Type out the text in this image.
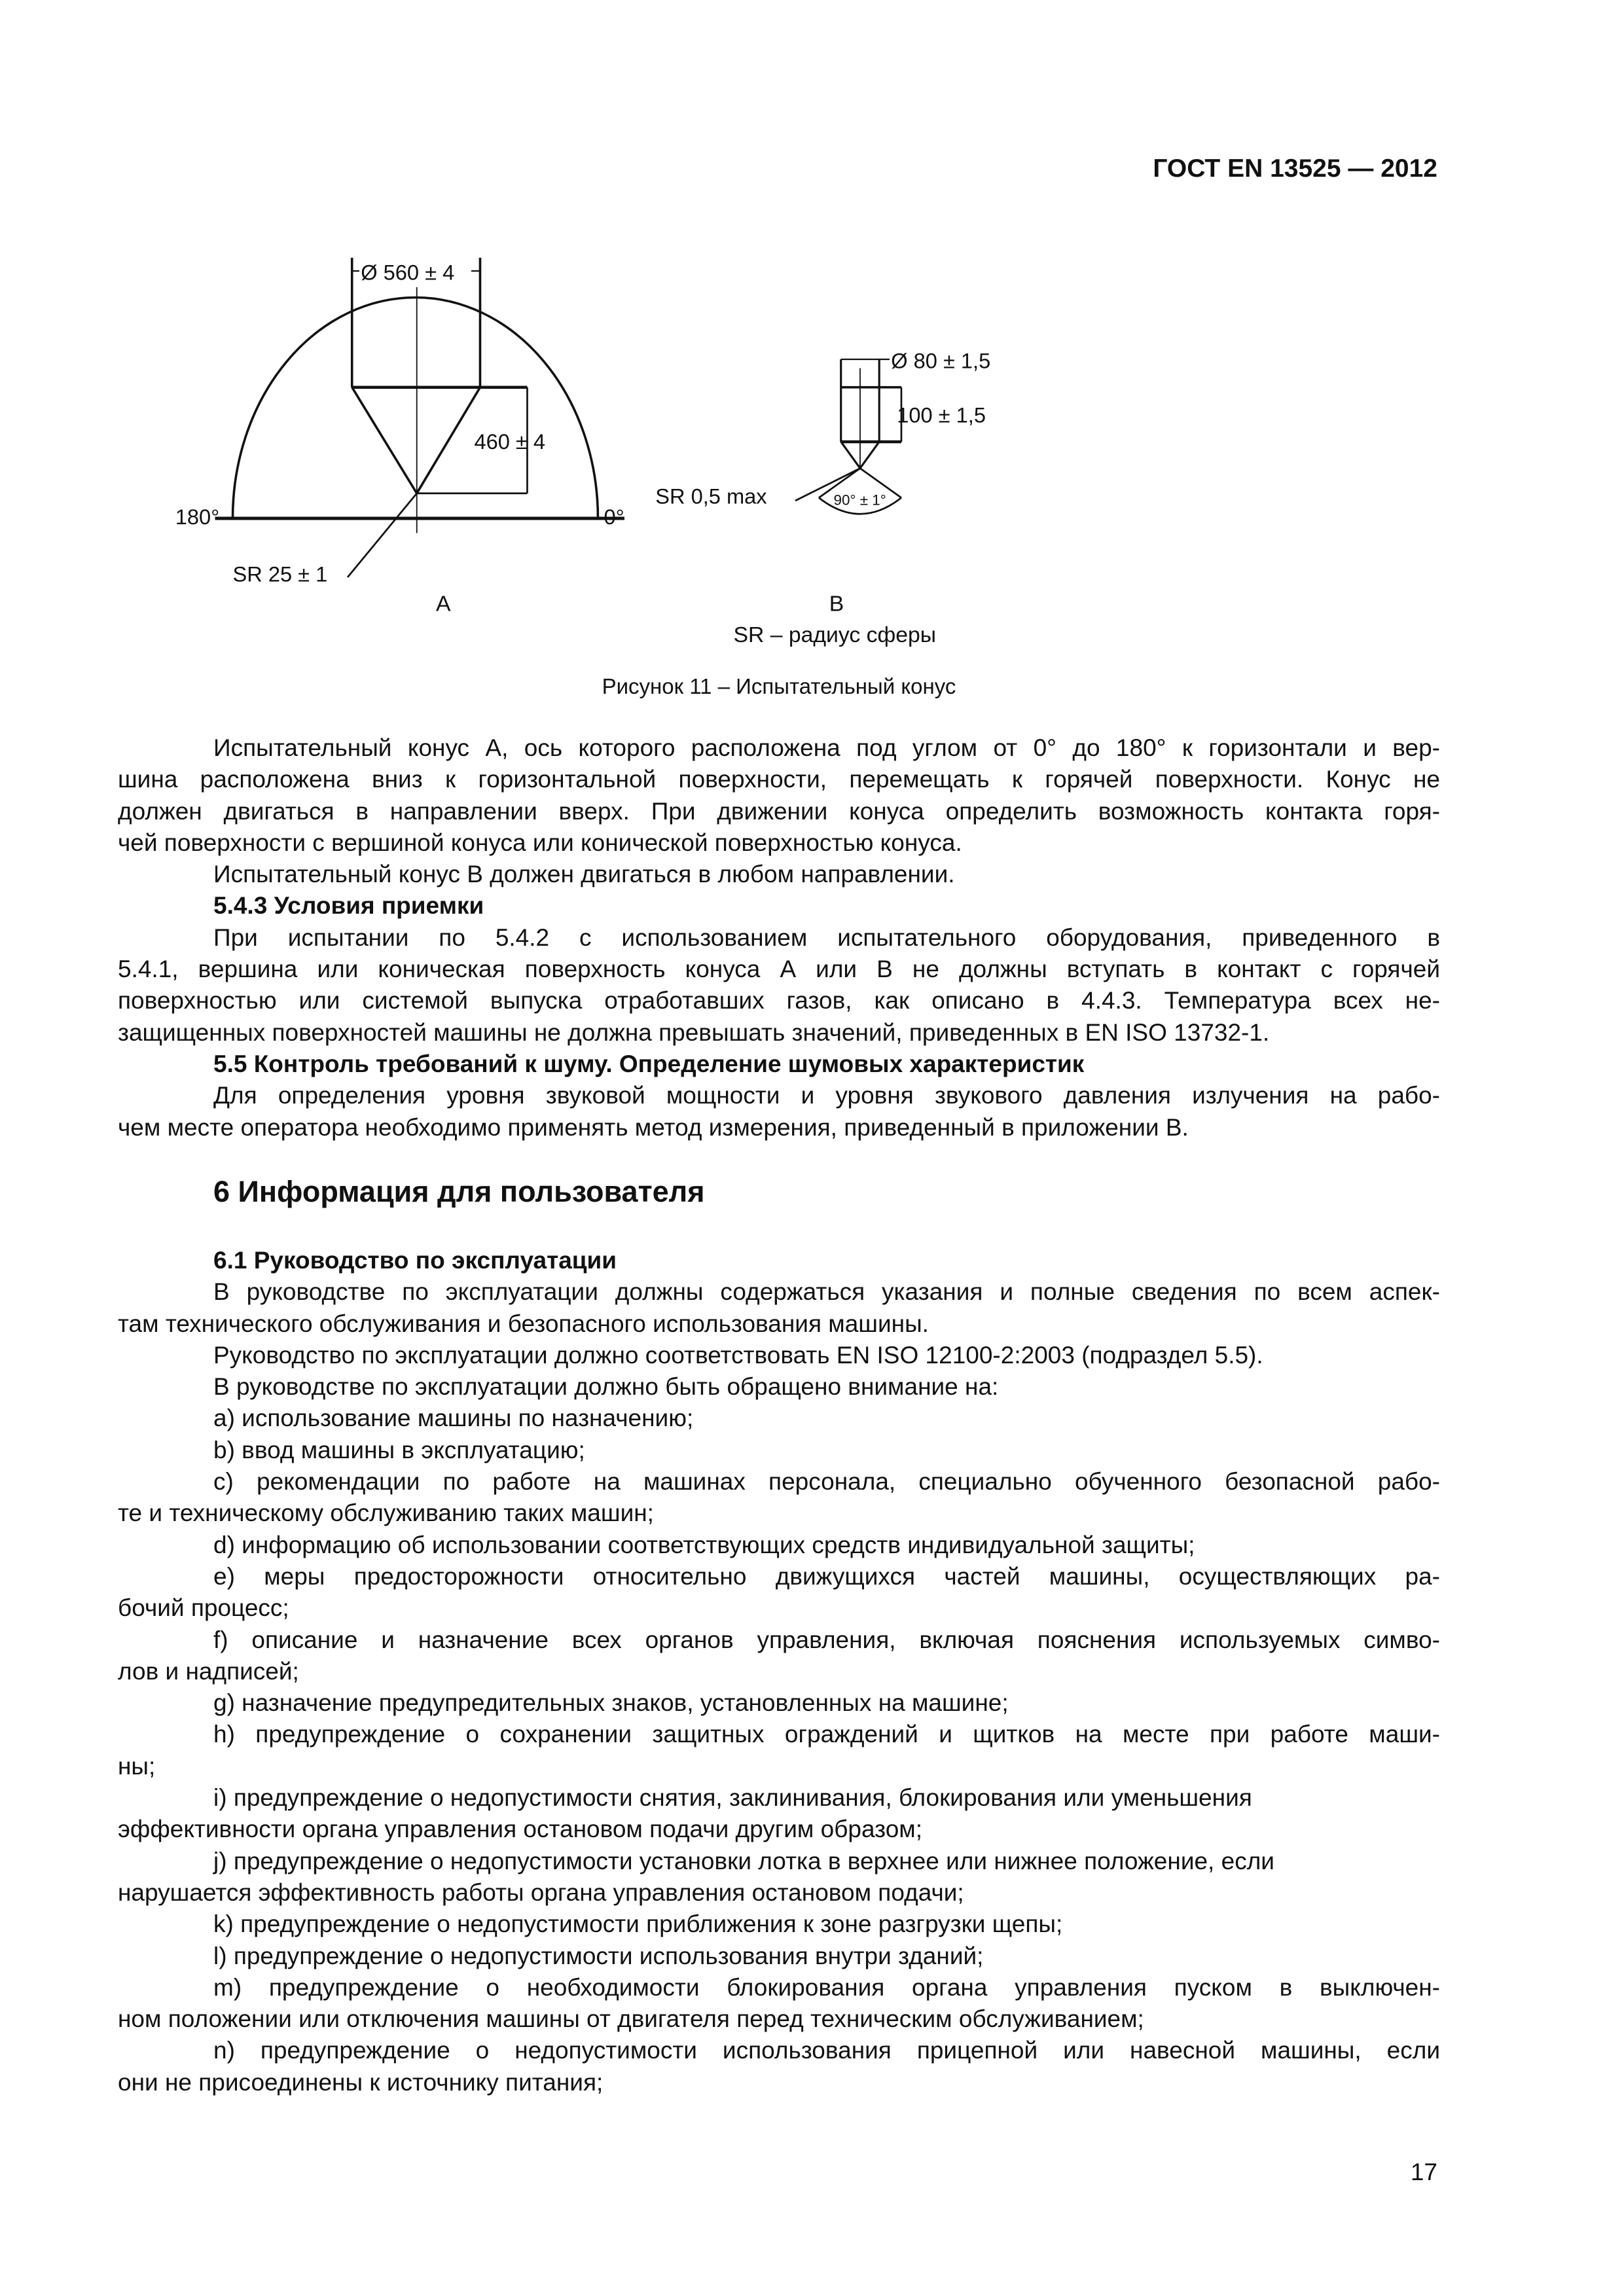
ГОСТ EN 13525 — 2012
Ø 560 ± 4
460 ± 4
SR 25 ± 1
180°	0°
A
Ø 80 ± 1,5
100 ± 1,5
SR 0,5 max	90° ± 1°
B
SR – радиус сферы
Рисунок 11 – Испытательный конус
Испытательный конус А, ось которого расположена под углом от 0° до 180° к горизонтали и вер-
шина расположена вниз к горизонтальной поверхности, перемещать к горячей поверхности. Конус не
должен двигаться в направлении вверх. При движении конуса определить возможность контакта горя-
чей поверхности с вершиной конуса или конической поверхностью конуса.
Испытательный конус В должен двигаться в любом направлении.
5.4.3 Условия приемки
При испытании по 5.4.2 с использованием испытательного оборудования, приведенного в
5.4.1, вершина или коническая поверхность конуса А или В не должны вступать в контакт с горячей
поверхностью или системой выпуска отработавших газов, как описано в 4.4.3. Температура всех не-
защищенных поверхностей машины не должна превышать значений, приведенных в EN ISO 13732-1.
5.5 Контроль требований к шуму. Определение шумовых характеристик
Для определения уровня звуковой мощности и уровня звукового давления излучения на рабо-
чем месте оператора необходимо применять метод измерения, приведенный в приложении В.
6 Информация для пользователя
6.1 Руководство по эксплуатации
В руководстве по эксплуатации должны содержаться указания и полные сведения по всем аспек-
там технического обслуживания и безопасного использования машины.
Руководство по эксплуатации должно соответствовать EN ISO 12100-2:2003 (подраздел 5.5).
В руководстве по эксплуатации должно быть обращено внимание на:
а) использование машины по назначению;
b) ввод машины в эксплуатацию;
c) рекомендации по работе на машинах персонала, специально обученного безопасной рабо-
те и техническому обслуживанию таких машин;
d) информацию об использовании соответствующих средств индивидуальной защиты;
e) меры предосторожности относительно движущихся частей машины, осуществляющих ра-
бочий процесс;
f) описание и назначение всех органов управления, включая пояснения используемых симво-
лов и надписей;
g) назначение предупредительных знаков, установленных на машине;
h) предупреждение о сохранении защитных ограждений и щитков на месте при работе маши-
ны;
i) предупреждение о недопустимости снятия, заклинивания, блокирования или уменьшения
эффективности органа управления остановом подачи другим образом;
j) предупреждение о недопустимости установки лотка в верхнее или нижнее положение, если
нарушается эффективность работы органа управления остановом подачи;
k) предупреждение о недопустимости приближения к зоне разгрузки щепы;
l) предупреждение о недопустимости использования внутри зданий;
m) предупреждение о необходимости блокирования органа управления пуском в выключен-
ном положении или отключения машины от двигателя перед техническим обслуживанием;
n) предупреждение о недопустимости использования прицепной или навесной машины, если
они не присоединены к источнику питания;
17
